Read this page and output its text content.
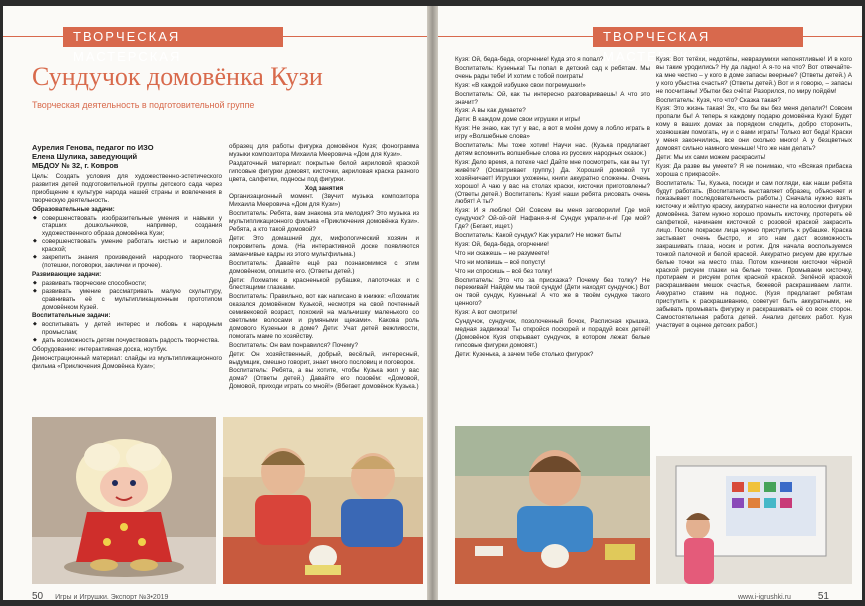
ТВОРЧЕСКАЯ МАСТЕРСКАЯ
Сундучок домовёнка Кузи
Творческая деятельность в подготовительной группе
Аурелия Генова, педагог по ИЗО
Елена Шулика, заведующий
МБДОУ № 32, г. Ковров

Цель: Создать условия для художественно-эстетического развития детей подготовительной группы детского сада через приобщение к культуре народа нашей страны и вовлечения в творческую деятельность.

Образовательные задачи:

◆ совершенствовать изобразительные умения и навыки у старших дошкольников, например, создания художественного образа домовёнка Кузи;
◆ совершенствовать умение работать кистью и акриловой краской;
◆ закрепить знания произведений народного творчества (потешки, поговорки, заклички и прочее).

Развивающие задачи:

◆ развивать творческие способности;
◆ развивать умение рассматривать малую скульптуру, сравнивать её с мультипликационным прототипом домовёнком Кузей.

Воспитательные задачи:

◆ воспитывать у детей интерес и любовь к народным промыслам;
◆ дать возможность детям почувствовать радость творчества.

Оборудование: интерактивная доска, ноутбук.

Демонстрационный материал: слайды из мультипликационного фильма «Приключения Домовёнка Кузи»;

образец для работы фигурка домовёнок Кузя; фонограмма музыки композитора Михаила Мееровича «Дом для Кузи».

Раздаточный материал: покрытые белой акриловой краской гипсовые фигурки домовят, кисточки, акриловая краска разного цвета, салфетки, подносы под фигурки.

Ход занятия

Организационный момент. (Звучит музыка композитора Михаила Мееровича «Дом для Кузи»)

Воспитатель: Ребята, вам знакома эта мелодия? Это музыка из мультипликационного фильма «Приключения домовёнка Кузи». Ребята, а кто такой домовой?

Дети: Это домашний дух, мифологический хозяин и покровитель дома. (На интерактивной доске появляются заманчивые кадры из этого мультфильма.)

Воспитатель: Давайте ещё раз познакомимся с этим домовёнком, опишите его. (Ответы детей.)

Дети: Лохматик в красненькой рубашке, лапоточках и с блестящими глазками.

Воспитатель: Правильно, вот как написано в книжке: «Лохматик оказался домовёнком Кузькой, несмотря на свой почтенный семивековой возраст, похожий на мальчишку маленького со светлыми волосами и румяными щеками». Какова роль домового Кузеньки в доме? Дети: Учат детей вежливости, помогать маме по хозяйству.

Воспитатель: Он вам понравился? Почему?

Дети: Он хозяйственный, добрый, весёлый, интересный, выдумщик, смешно говорит, знает много пословиц и поговорок.

Воспитатель: Ребята, а вы хотите, чтобы Кузька жил у вас дома? (Ответы детей.) Давайте его позовём: «Домовой, Домовой, приходи играть со мной!» (Вбегает домовёнок Кузька.)

50 Игры и Игрушки. Экспорт №3•2019
ТВОРЧЕСКАЯ МАСТЕРСКАЯ

Кузя: Ой, беда-беда, огорчение! Куда это я попал?

Воспитатель: Кузенька! Ты попал в детский сад к ребятам. Мы очень рады тебе! И хотим с тобой поиграть!

Кузя: «В каждой избушке свои погремушки!»

Воспитатель: Ой, как ты интересно разговариваешь! А что это значит?

Кузя: А вы как думаете?

Дети: В каждом доме свои игрушки и игры!

Кузя: Не знаю, как тут у вас, а вот в моём дому в лобло играть в игру «Волшебные слова»

Воспитатель: Мы тоже хотим! Научи нас. (Кузька предлагает детям вспомнить волшебные слова из русских народных сказок.)

Кузя: Дело время, а потехе час! Дайте мне посмотреть, как вы тут живёте? (Осматривает группу.) Да. Хороший домовой тут хозяйничает! Игрушки ухожены, книги аккуратно сложены. Очень хорошо! А чаю у вас на столах краски, кисточки приготовлены? (Ответы детей.) Воспитатель: Кузя! наши ребята рисовать очень любят! А ты?

Кузя: И я люблю! Ой! Совсем вы меня заговорили! Где мой сундучок? Ой-ой-ой! Нафаня-я-я! Сундук украли-и-и! Где мой? Где? (Бегает, ищет.)

Воспитатель: Какой сундук? Как украли? Не может быть!

Кузя: Ой, беда-беда, огорчение!

Что ни скажешь – не разумеете!

Что ни молвишь – всё попусту!

Что ни спросишь – всё без толку!

Воспитатель: Это что за присказка? Почему без толку? Не переживай! Найдём мы твой сундук! (Дети находят сундучок.) Вот он твой сундук, Кузенька! А что же в твоём сундуке такого ценного?

Кузя: А вот смотрите!

Сундучок, сундучок, позолоченный бочок, Расписная крышка, медная задвижка! Ты откройся поскорей и порадуй всех детей! (Домовёнок Кузя открывает сундучок, в котором лежат белые гипсовые фигурки домовят.)

Дети: Кузенька, а зачем тебе столько фигурок?

Кузя: Вот тетёхи, недотёпы, невразумихи непонятливые! И в кого вы такие уродились? Ну да ладно! А я-то на что? Вот отвечайте-ка мне честно – у кого в доме запасы веерные? (Ответы детей.) А у кого убыстна счастья? (Ответы детей.) Вот и я говорю, – запасы не посчитаны! Убытки без счёта! Разорился, по миру пойдём!

Воспитатель: Кузя, что что? Сказка такая?

Кузя: Это жизнь такая! Эх, что бы вы без меня делали?! Совсем пропали бы! А теперь я каждому подарю домовёнка Кузю! Будет кому в ваших домах за порядком следить, добро сторонить, хозяюшкам помогать, ну и с вами играть! Только вот беда! Краски у меня закончились, все они сколько много! А у безцветных домовят сильно намного меньше! Что же нам делать?

Дети: Мы их сами можем раскрасить!

Кузя: Да разве вы умеете? Я не понимаю, что «Всякая прибаска хороша с прикрасой».

Воспитатель: Ты, Кузька, посиди и сам погляди, как наши ребята будут работать. (Воспитатель выставляет образец, объясняет и показывает последовательность работы.) Сначала нужно взять кисточку и жёлтую краску, аккуратно нанести на волосики фигурки домовёнка. Затем нужно хорошо промыть кисточку, протереть её салфеткой, начинаем кисточкой с розовой краской закрасить лицо. После покраски лица нужно приступить к рубашке. Краска застывает очень быстро, и это нам даст возможность закрашивать глаза, носик и ротик. Для начала воспользуемся тонкой палочкой и белой краской. Аккуратно рисуем две круглые белые точки на место глаз. Потом кончиком кисточки чёрной краской рисуем глазки на белые точки. Промываем кисточку, протираем и рисуем ротик красной краской. Зелёной краской раскрашиваем мешок счастья, бежевой раскрашиваем лапти. Аккуратно ставим на поднос. (Кузя предлагает ребятам приступить к раскрашиванию, советует быть аккуратными, не забывать промывать фигурку и раскрашивать её со всех сторон. Самостоятельная работа детей. Анализ детских работ. Кузя участвует в оценке детских работ.)

www.i-igrushki.ru	51
